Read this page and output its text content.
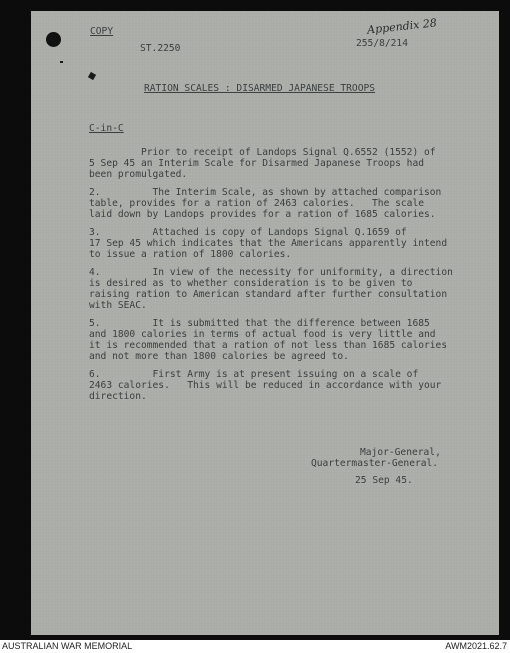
COPY	Appendix 28
ST.2250	255/8/214
RATION SCALES : DISARMED JAPANESE TROOPS
C-in-C
Prior to receipt of Landops Signal Q.6552 (1552) of
5 Sep 45 an Interim Scale for Disarmed Japanese Troops had
been promulgated.
2.         The Interim Scale, as shown by attached comparison
table, provides for a ration of 2463 calories.   The scale
laid down by Landops provides for a ration of 1685 calories.
3.         Attached is copy of Landops Signal Q.1659 of
17 Sep 45 which indicates that the Americans apparently intend
to issue a ration of 1800 calories.
4.         In view of the necessity for uniformity, a direction
is desired as to whether consideration is to be given to
raising ration to American standard after further consultation
with SEAC.
5.         It is submitted that the difference between 1685
and 1800 calories in terms of actual food is very little and
it is recommended that a ration of not less than 1685 calories
and not more than 1800 calories be agreed to.
6.         First Army is at present issuing on a scale of
2463 calories.   This will be reduced in accordance with your
direction.
Major-General,
Quartermaster-General.
25 Sep 45.
AUSTRALIAN WAR MEMORIAL	AWM2021.62.7
